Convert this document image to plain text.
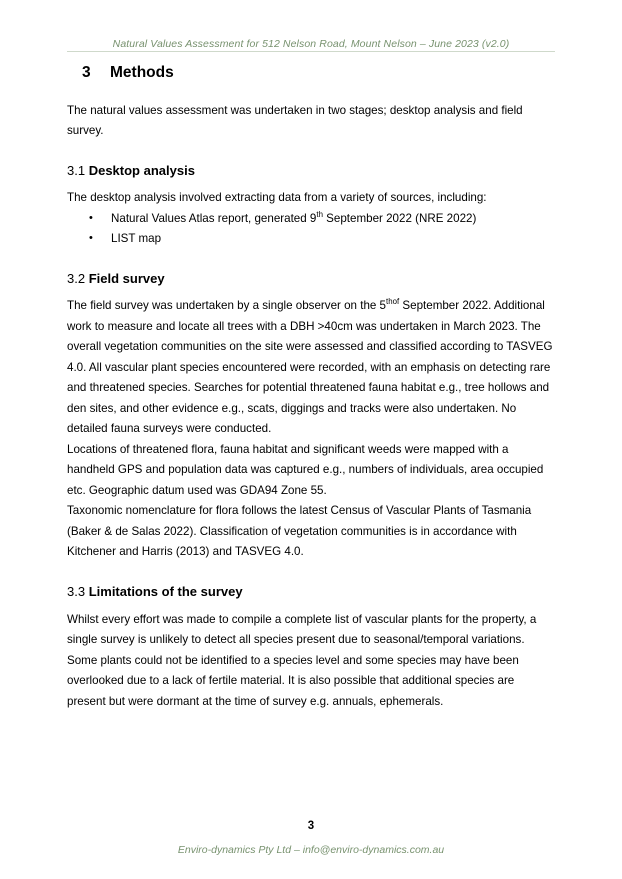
Natural Values Assessment for 512 Nelson Road, Mount Nelson – June 2023 (v2.0)
3 Methods

The natural values assessment was undertaken in two stages; desktop analysis and field survey.

3.1 Desktop analysis

The desktop analysis involved extracting data from a variety of sources, including:

• Natural Values Atlas report, generated 9th September 2022 (NRE 2022)
• LIST map
3.2 Field survey

The field survey was undertaken by a single observer on the $5^{thof}$ September 2022. Additional work to measure and locate all trees with a DBH >40cm was undertaken in March 2023. The overall vegetation communities on the site were assessed and classified according to TASVEG 4.0. All vascular plant species encountered were recorded, with an emphasis on detecting rare and threatened species. Searches for potential threatened fauna habitat e.g., tree hollows and den sites, and other evidence e.g., scats, diggings and tracks were also undertaken. No detailed fauna surveys were conducted.

Locations of threatened flora, fauna habitat and significant weeds were mapped with a handheld GPS and population data was captured e.g., numbers of individuals, area occupied etc. Geographic datum used was GDA94 Zone 55.

Taxonomic nomenclature for flora follows the latest Census of Vascular Plants of Tasmania (Baker & de Salas 2022). Classification of vegetation communities is in accordance with Kitchener and Harris (2013) and TASVEG 4.0.

3.3 Limitations of the survey

Whilst every effort was made to compile a complete list of vascular plants for the property, a single survey is unlikely to detect all species present due to seasonal/temporal variations. Some plants could not be identified to a species level and some species may have been overlooked due to a lack of fertile material. It is also possible that additional species are present but were dormant at the time of survey e.g. annuals, ephemerals.

3
Enviro-dynamics Pty Ltd – info@enviro-dynamics.com.au
